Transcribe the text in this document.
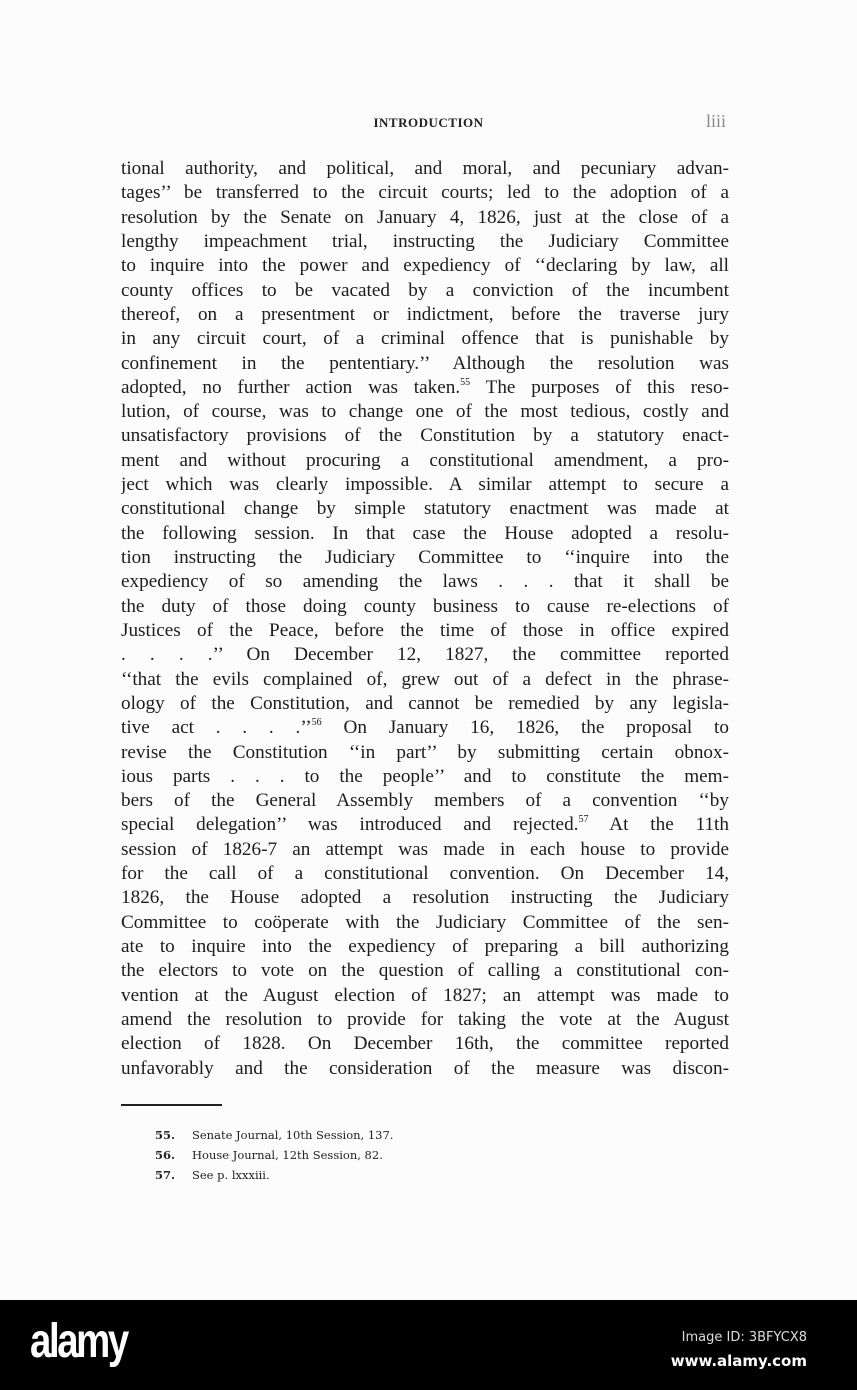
INTRODUCTION	liii
tional authority, and political, and moral, and pecuniary advan-
tages’’ be transferred to the circuit courts; led to the adoption of a
resolution by the Senate on January 4, 1826, just at the close of a
lengthy impeachment trial, instructing the Judiciary Committee
to inquire into the power and expediency of ‘‘declaring by law, all
county offices to be vacated by a conviction of the incumbent
thereof, on a presentment or indictment, before the traverse jury
in any circuit court, of a criminal offence that is punishable by
confinement in the pententiary.’’ Although the resolution was
adopted, no further action was taken.$^{55}$ The purposes of this reso-
lution, of course, was to change one of the most tedious, costly and
unsatisfactory provisions of the Constitution by a statutory enact-
ment and without procuring a constitutional amendment, a pro-
ject which was clearly impossible. A similar attempt to secure a
constitutional change by simple statutory enactment was made at
the following session. In that case the House adopted a resolu-
tion instructing the Judiciary Committee to ‘‘inquire into the
expediency of so amending the laws . . . that it shall be
the duty of those doing county business to cause re-elections of
Justices of the Peace, before the time of those in office expired
. . . .’’ On December 12, 1827, the committee reported
‘‘that the evils complained of, grew out of a defect in the phrase-
ology of the Constitution, and cannot be remedied by any legisla-
tive act . . . .’’$^{56}$ On January 16, 1826, the proposal to
revise the Constitution ‘‘in part’’ by submitting certain obnox-
ious parts . . . to the people’’ and to constitute the mem-
bers of the General Assembly members of a convention ‘‘by
special delegation’’ was introduced and rejected.$^{57}$ At the 11th
session of 1826-7 an attempt was made in each house to provide
for the call of a constitutional convention. On December 14,
1826, the House adopted a resolution instructing the Judiciary
Committee to coöperate with the Judiciary Committee of the sen-
ate to inquire into the expediency of preparing a bill authorizing
the electors to vote on the question of calling a constitutional con-
vention at the August election of 1827; an attempt was made to
amend the resolution to provide for taking the vote at the August
election of 1828. On December 16th, the committee reported
unfavorably and the consideration of the measure was discon-
55.	Senate Journal, 10th Session, 137.
56.	House Journal, 12th Session, 82.
57.	See p. lxxxiii.
alamy	Image ID: 3BFYCX8
www.alamy.com
